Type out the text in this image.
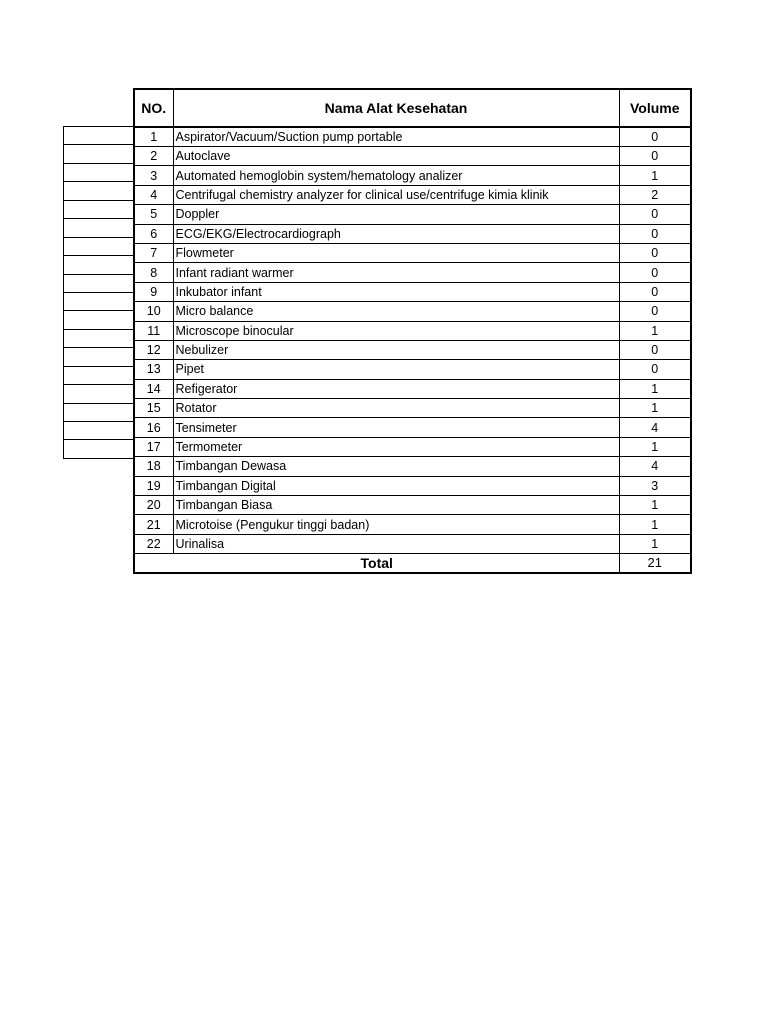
NO.	Nama Alat Kesehatan	Volume
1	Aspirator/Vacuum/Suction pump portable	0
2	Autoclave	0
3	Automated hemoglobin system/hematology analizer	1
4	Centrifugal chemistry analyzer for clinical use/centrifuge kimia klinik	2
5	Doppler	0
6	ECG/EKG/Electrocardiograph	0
7	Flowmeter	0
8	Infant radiant warmer	0
9	Inkubator infant	0
10	Micro balance	0
11	Microscope binocular	1
12	Nebulizer	0
13	Pipet	0
14	Refigerator	1
15	Rotator	1
16	Tensimeter	4
17	Termometer	1
18	Timbangan Dewasa	4
19	Timbangan Digital	3
20	Timbangan Biasa	1
21	Microtoise (Pengukur tinggi badan)	1
22	Urinalisa	1
Total		21
